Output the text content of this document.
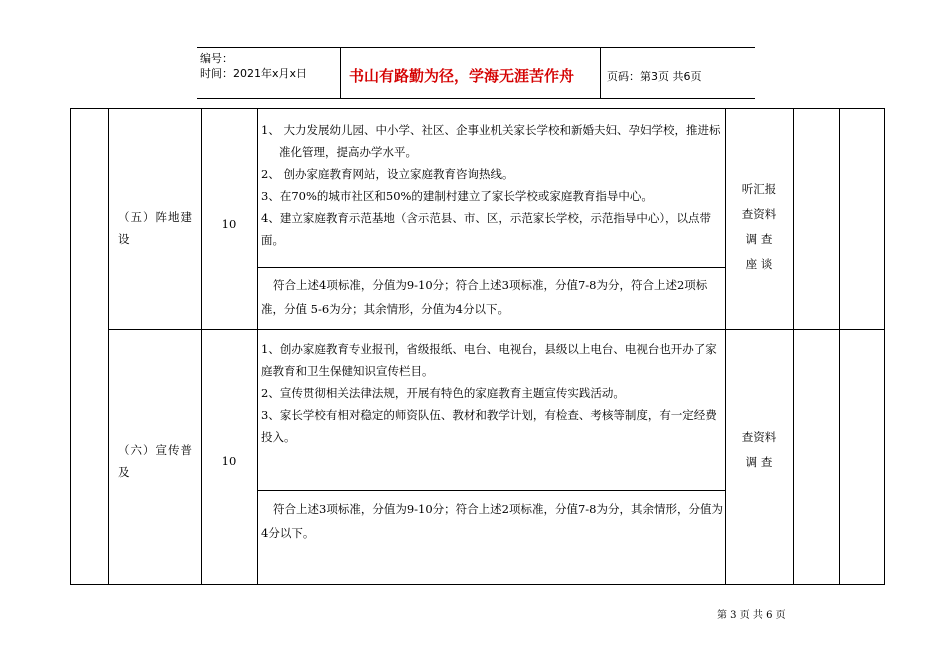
编号：
时间：2021年x月x日	书山有路勤为径，学海无涯苦作舟	页码：第3页 共6页
（五）阵地建设
10

1、 大力发展幼儿园、中小学、社区、企事业机关家长学校和新婚夫妇、孕妇学校，推进标准化管理，提高办学水平。

2、 创办家庭教育网站，设立家庭教育咨询热线。

3、在70%的城市社区和50%的建制村建立了家长学校或家庭教育指导中心。

4、建立家庭教育示范基地（含示范县、市、区，示范家长学校，示范指导中心），以点带面。

符合上述4项标准，分值为9-10分；符合上述3项标准，分值7-8为分，符合上述2项标准，分值 5-6为分；其余情形，分值为4分以下。
听汇报
查资料
调 查
座 谈
（六）宣传普及
10

1、创办家庭教育专业报刊，省级报纸、电台、电视台，县级以上电台、电视台也开办了家庭教育和卫生保健知识宣传栏目。

2、宣传贯彻相关法律法规，开展有特色的家庭教育主题宣传实践活动。

3、家长学校有相对稳定的师资队伍、教材和教学计划，有检查、考核等制度，有一定经费投入。

符合上述3项标准，分值为9-10分；符合上述2项标准，分值7-8为分，其余情形，分值为4分以下。
查资料
调 查
第 3 页 共 6 页
